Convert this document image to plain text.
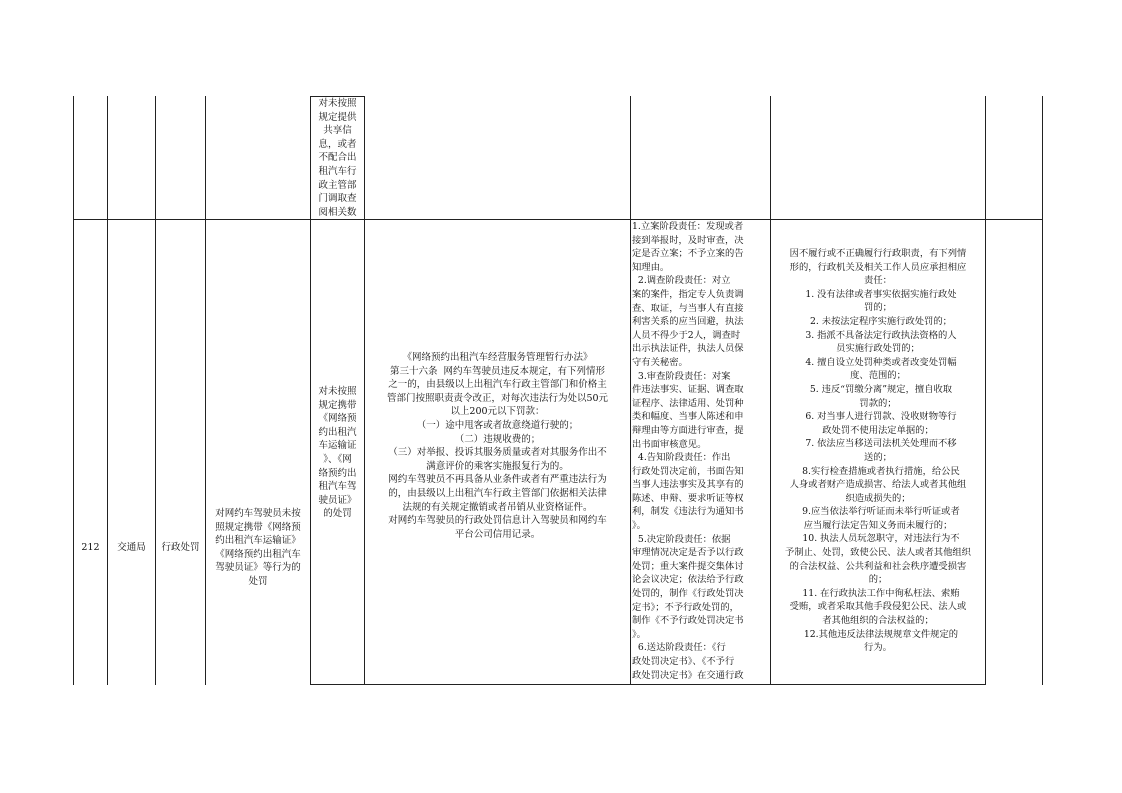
对未按照
规定提供
共享信
息，或者
不配合出
租汽车行
政主管部
门调取查
阅相关数
212	交通局	行政处罚
对网约车驾驶员未按
照规定携带《网络预
约出租汽车运输证》
《网络预约出租汽车
驾驶员证》等行为的
处罚
对未按照
规定携带
《网络预
约出租汽
车运输证
》、《网
络预约出
租汽车驾
驶员证》
的处罚
《网络预约出租汽车经营服务管理暂行办法》
第三十六条  网约车驾驶员违反本规定，有下列情形
之一的，由县级以上出租汽车行政主管部门和价格主
管部门按照职责责令改正，对每次违法行为处以50元
以上200元以下罚款：
（一）途中甩客或者故意绕道行驶的；
（二）违规收费的；
（三）对举报、投诉其服务质量或者对其服务作出不
满意评价的乘客实施报复行为的。
网约车驾驶员不再具备从业条件或者有严重违法行为
的，由县级以上出租汽车行政主管部门依据相关法律
法规的有关规定撤销或者吊销从业资格证件。
对网约车驾驶员的行政处罚信息计入驾驶员和网约车
平台公司信用记录。
1.立案阶段责任：发现或者
接到举报时，及时审查，决
定是否立案；不予立案的告
知理由。
2.调查阶段责任：对立
案的案件，指定专人负责调
查、取证，与当事人有直接
利害关系的应当回避，执法
人员不得少于2人，调查时
出示执法证件，执法人员保
守有关秘密。
3.审查阶段责任：对案
件违法事实、证据、调查取
证程序、法律适用、处罚种
类和幅度、当事人陈述和申
辩理由等方面进行审查，提
出书面审核意见。
4.告知阶段责任：作出
行政处罚决定前，书面告知
当事人违法事实及其享有的
陈述、申辩、要求听证等权
利，制发《违法行为通知书
》。
5.决定阶段责任：依据
审理情况决定是否予以行政
处罚；重大案件提交集体讨
论会议决定；依法给予行政
处罚的，制作《行政处罚决
定书》；不予行政处罚的，
制作《不予行政处罚决定书
》。
6.送达阶段责任：《行
政处罚决定书》、《不予行
政处罚决定书》在交通行政
因不履行或不正确履行行政职责，有下列情
形的，行政机关及相关工作人员应承担相应
责任：
1. 没有法律或者事实依据实施行政处
罚的；
2. 未按法定程序实施行政处罚的；
3. 指派不具备法定行政执法资格的人
员实施行政处罚的；
4. 擅自设立处罚种类或者改变处罚幅
度、范围的；
5. 违反“罚缴分离”规定，擅自收取
罚款的；
6. 对当事人进行罚款、没收财物等行
政处罚不使用法定单据的；
7. 依法应当移送司法机关处理而不移
送的；
8.实行检查措施或者执行措施，给公民
人身或者财产造成损害、给法人或者其他组
织造成损失的；
9.应当依法举行听证而未举行听证或者
应当履行法定告知义务而未履行的；
10. 执法人员玩忽职守，对违法行为不
予制止、处罚，致使公民、法人或者其他组织
的合法权益、公共利益和社会秩序遭受损害
的；
11. 在行政执法工作中徇私枉法、索贿
受贿，或者采取其他手段侵犯公民、法人或
者其他组织的合法权益的；
12.其他违反法律法规规章文件规定的
行为。
